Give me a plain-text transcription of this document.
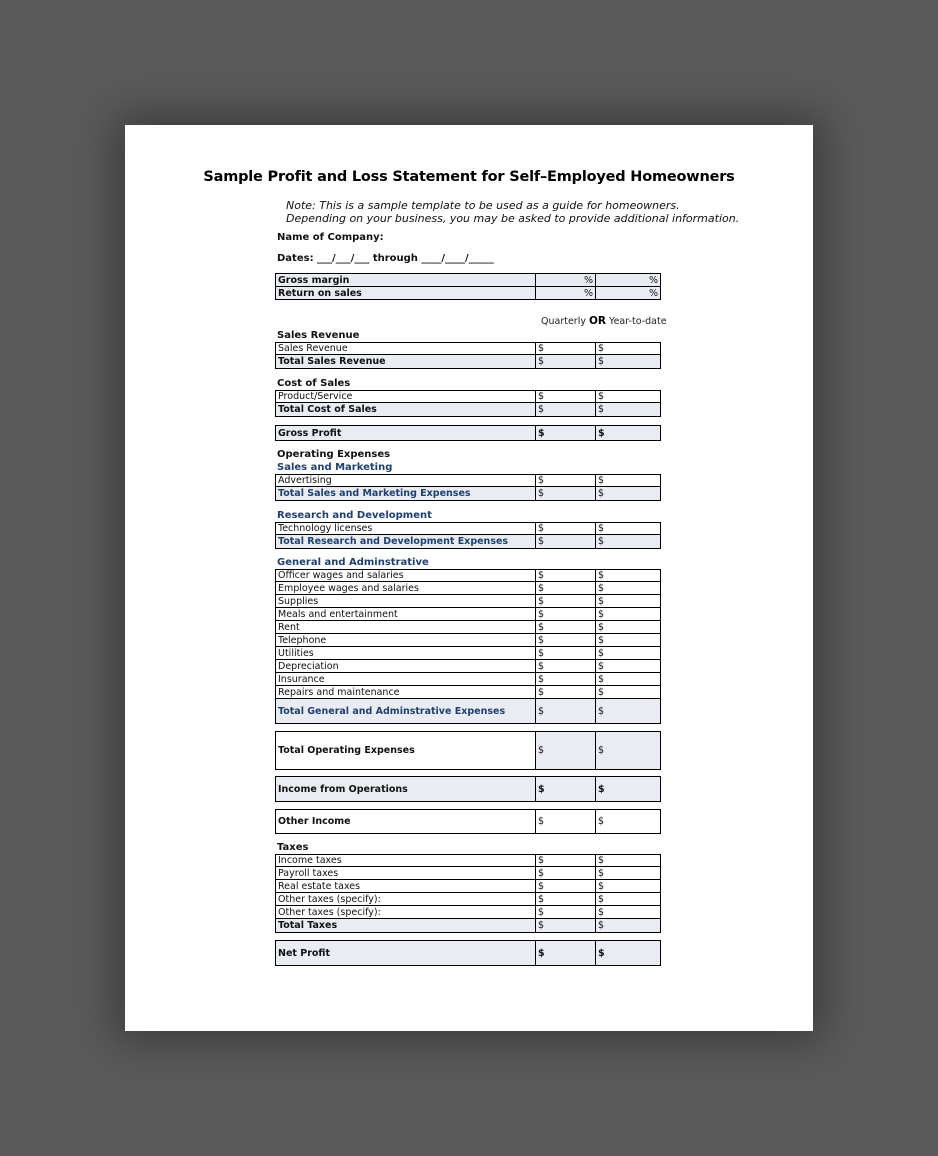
Sample Profit and Loss Statement for Self–Employed Homeowners
Note: This is a sample template to be used as a guide for homeowners.
Depending on your business, you may be asked to provide additional information.
Name of Company:
Dates: ___/___/___ through ____/____/_____
Gross margin	%	%
Return on sales	%	%
Quarterly OR Year-to-date
Sales Revenue
Sales Revenue	$	$
Total Sales Revenue	$	$
Cost of Sales
Product/Service	$	$
Total Cost of Sales	$	$
Gross Profit	$	$
Operating Expenses
Sales and Marketing
Advertising	$	$
Total Sales and Marketing Expenses	$	$
Research and Development
Technology licenses	$	$
Total Research and Development Expenses	$	$
General and Adminstrative
Officer wages and salaries	$	$
Employee wages and salaries	$	$
Supplies	$	$
Meals and entertainment	$	$
Rent	$	$
Telephone	$	$
Utilities	$	$
Depreciation	$	$
Insurance	$	$
Repairs and maintenance	$	$
Total General and Adminstrative Expenses	$	$
Total Operating Expenses	$	$
Income from Operations	$	$
Other Income	$	$
Taxes
Income taxes	$	$
Payroll taxes	$	$
Real estate taxes	$	$
Other taxes (specify):	$	$
Other taxes (specify):	$	$
Total Taxes	$	$
Net Profit	$	$
